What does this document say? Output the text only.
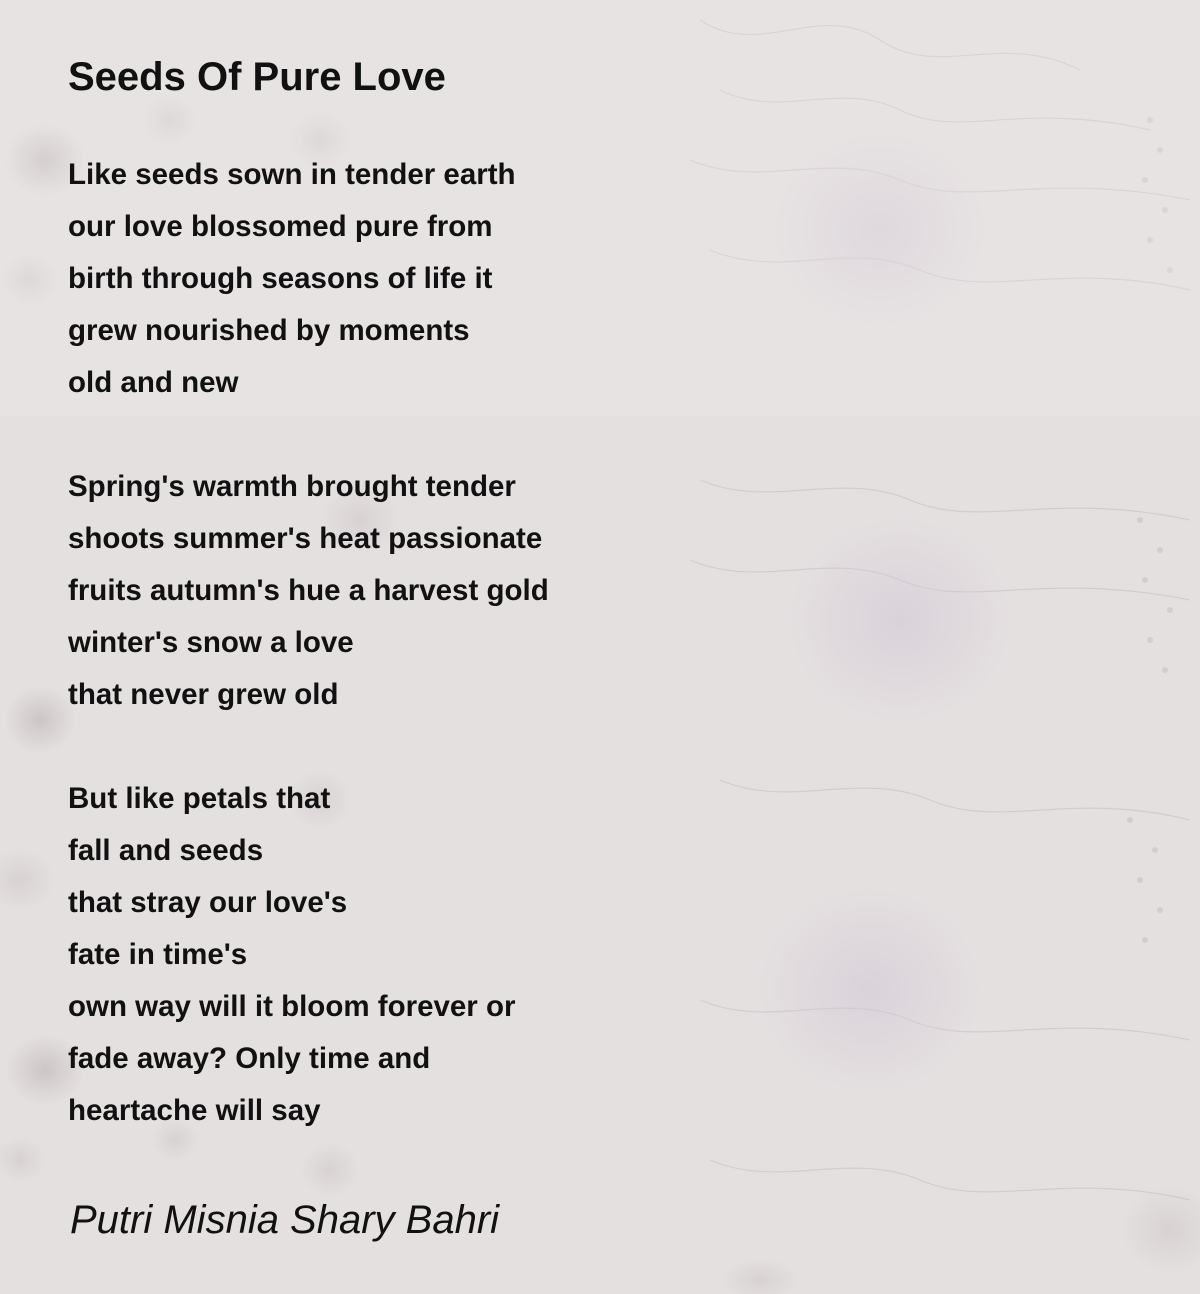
Seeds Of Pure Love
Like seeds sown in tender earth
our love blossomed pure from
birth through seasons of life it
grew nourished by moments
old and new
Spring's warmth brought tender
shoots summer's heat passionate
fruits autumn's hue a harvest gold
winter's snow a love
that never grew old
But like petals that
fall and seeds
that stray our love's
fate in time's
own way will it bloom forever or
fade away? Only time and
heartache will say

Putri Misnia Shary Bahri
